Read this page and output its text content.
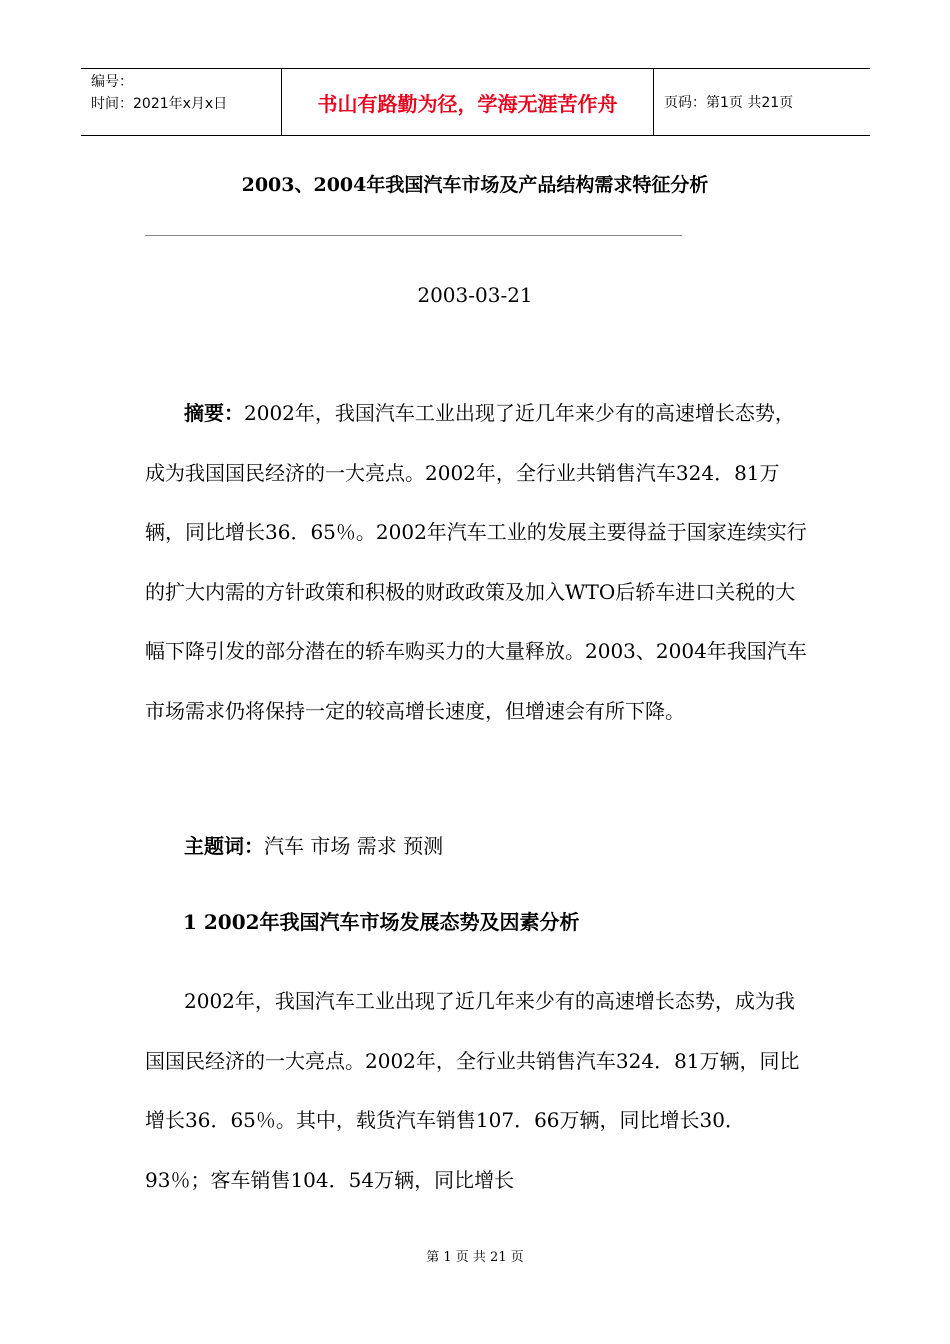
编号：
时间：2021年x月x日	书山有路勤为径，学海无涯苦作舟	页码：第1页 共21页
2003、2004年我国汽车市场及产品结构需求特征分析
2003-03-21

摘要：2002年，我国汽车工业出现了近几年来少有的高速增长态势，成为我国国民经济的一大亮点。2002年，全行业共销售汽车324．81万辆，同比增长36．65％。2002年汽车工业的发展主要得益于国家连续实行的扩大内需的方针政策和积极的财政政策及加入WTO后轿车进口关税的大幅下降引发的部分潜在的轿车购买力的大量释放。2003、2004年我国汽车市场需求仍将保持一定的较高增长速度，但增速会有所下降。

主题词：汽车 市场 需求 预测

1 2002年我国汽车市场发展态势及因素分析

2002年，我国汽车工业出现了近几年来少有的高速增长态势，成为我国国民经济的一大亮点。2002年，全行业共销售汽车324．81万辆，同比增长36．65％。其中，载货汽车销售107．66万辆，同比增长30．93％；客车销售104．54万辆，同比增长

第 1 页 共 21 页
